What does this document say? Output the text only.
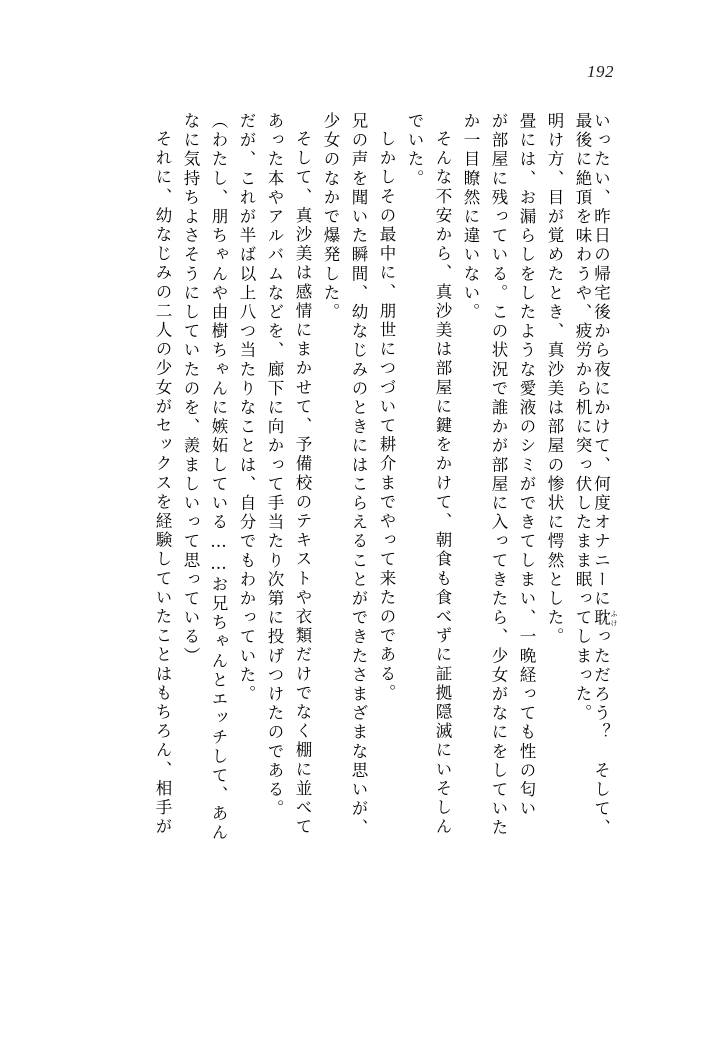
192
いったい、昨日の帰宅後から夜にかけて、何度オナニーに耽 ふけっただろう？　そして、
最後に絶頂を味わうや、疲労から机に突っ伏したまま眠ってしまった。
明け方、目が覚めたとき、真沙美は部屋の惨状に愕然とした。
畳には、お漏らしをしたような愛液のシミができてしまい、一晩経っても性の匂い
が部屋に残っている。この状況で誰かが部屋に入ってきたら、少女がなにをしていた
か一目瞭然に違いない。
そんな不安から、真沙美は部屋に鍵をかけて、朝食も食べずに証拠隠滅にいそしん
でいた。
しかしその最中に、朋世につづいて耕介までやって来たのである。
兄の声を聞いた瞬間、幼なじみのときにはこらえることができたさまざまな思いが、
少女のなかで爆発した。
そして、真沙美は感情にまかせて、予備校のテキストや衣類だけでなく棚に並べて
あった本やアルバムなどを、廊下に向かって手当たり次第に投げつけたのである。
だが、これが半ば以上八つ当たりなことは、自分でもわかっていた。
（わたし、朋ちゃんや由樹ちゃんに嫉妬している……お兄ちゃんとエッチして、あん
なに気持ちよさそうにしていたのを、羨ましいって思っている）
それに、幼なじみの二人の少女がセックスを経験していたことはもちろん、相手が
